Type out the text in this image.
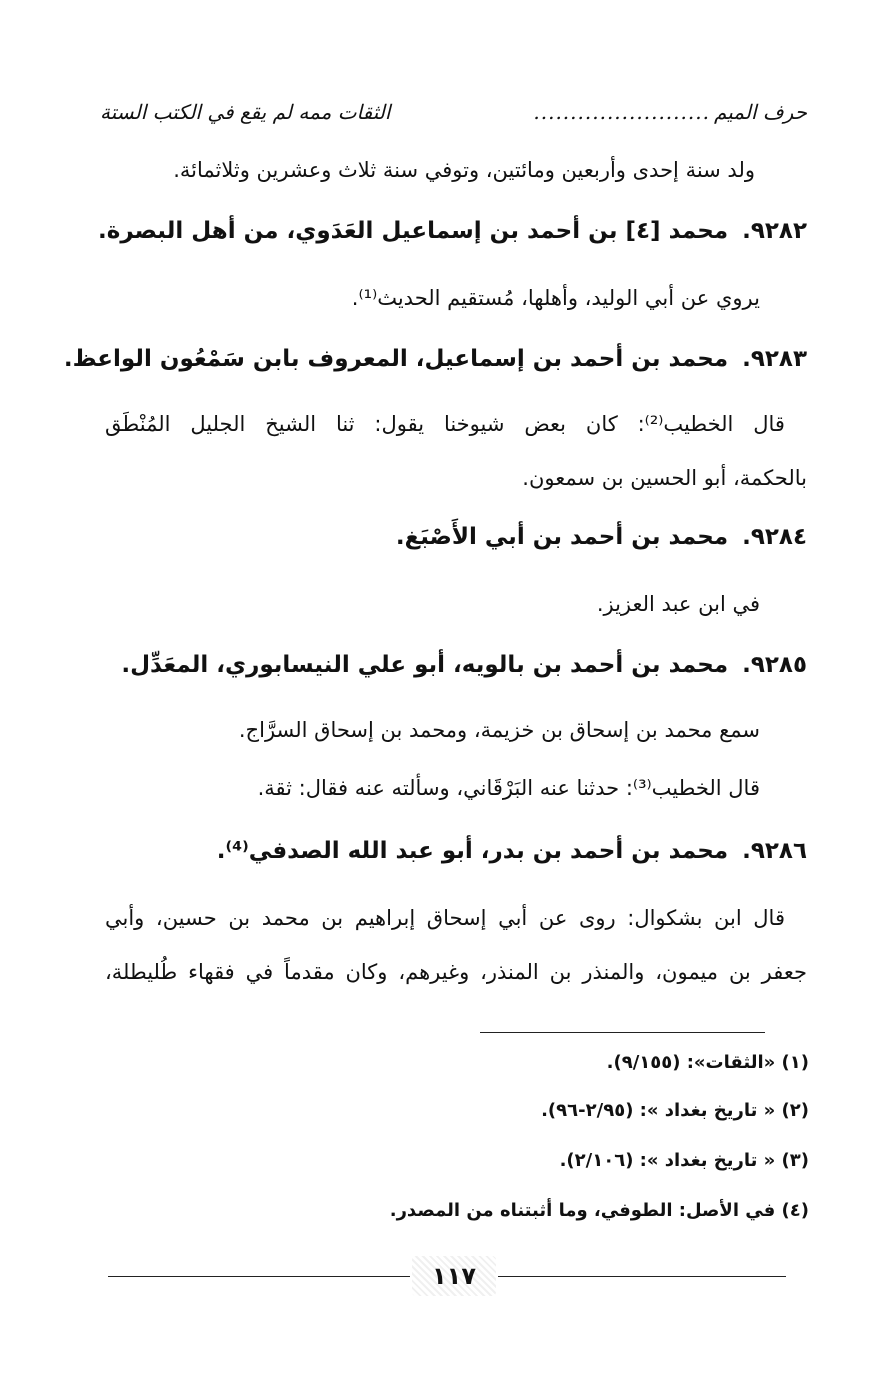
حرف الميم
........................
الثقات ممه لم يقع في الكتب الستة
ولد سنة إحدى وأربعين ومائتين، وتوفي سنة ثلاث وعشرين وثلاثمائة.
٩٢٨٢.محمد [٤] بن أحمد بن إسماعيل العَدَوي، من أهل البصرة.
يروي عن أبي الوليد، وأهلها، مُستقيم الحديث⁽¹⁾.
٩٢٨٣.محمد بن أحمد بن إسماعيل، المعروف بابن سَمْعُون الواعظ.
قال الخطيب⁽²⁾: كان بعض شيوخنا يقول: ثنا الشيخ الجليل المُنْطَق
بالحكمة، أبو الحسين بن سمعون.
٩٢٨٤.محمد بن أحمد بن أبي الأَصْبَغ.
في ابن عبد العزيز.
٩٢٨٥.محمد بن أحمد بن بالويه، أبو علي النيسابوري، المعَدِّل.
سمع محمد بن إسحاق بن خزيمة، ومحمد بن إسحاق السرَّاج.
قال الخطيب⁽³⁾: حدثنا عنه البَرْقَاني، وسألته عنه فقال: ثقة.
٩٢٨٦.محمد بن أحمد بن بدر، أبو عبد الله الصدفي⁽⁴⁾.
قال ابن بشكوال: روى عن أبي إسحاق إبراهيم بن محمد بن حسين، وأبي
جعفر بن ميمون، والمنذر بن المنذر، وغيرهم، وكان مقدماً في فقهاء طُليطلة،
(١) «الثقات»: (٩/١٥٥).
(٢) « تاريخ بغداد »: (٢/٩٥-٩٦).
(٣) « تاريخ بغداد »: (٢/١٠٦).
(٤) في الأصل: الطوفي، وما أثبتناه من المصدر.
١١٧
